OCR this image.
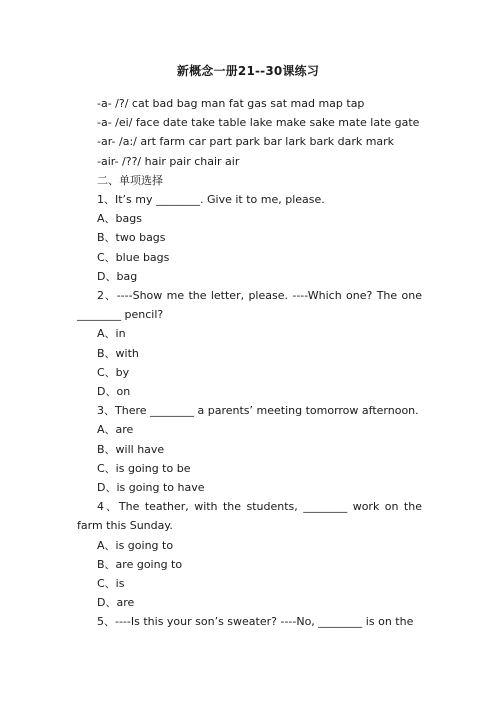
新概念一册21--30课练习
-a- /?/ cat bad bag man fat gas sat mad map tap
-a- /ei/ face date take table lake make sake mate late gate
-ar- /a:/ art farm car part park bar lark bark dark mark
-air- /??/ hair pair chair air
二、单项选择
1、It’s my ________. Give it to me, please.
A、bags
B、two bags
C、blue bags
D、bag
2、----Show me the letter, please. ----Which one? The one ________ pencil?
A、in
B、with
C、by
D、on
3、There ________ a parents’ meeting tomorrow afternoon.
A、are
B、will have
C、is going to be
D、is going to have
4、The teather, with the students, ________ work on the farm this Sunday.
A、is going to
B、are going to
C、is
D、are
5、----Is this your son’s sweater? ----No, ________ is on the
